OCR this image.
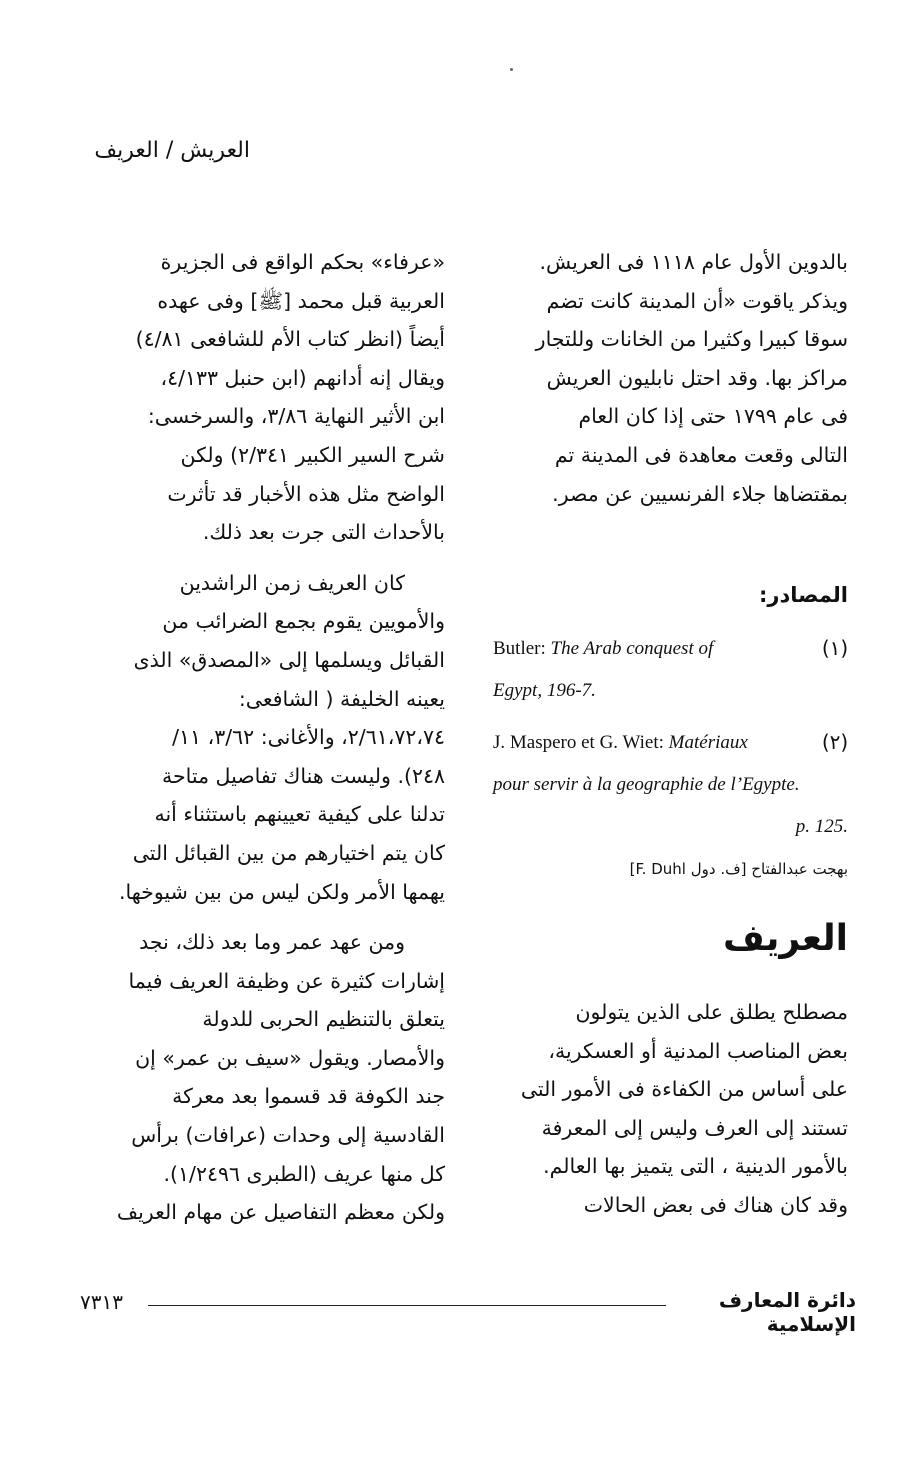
العريش / العريف

بالدوين الأول عام ١١١٨ فى العريش.

ويذكر ياقوت «أن المدينة كانت تضم

سوقا كبيرا وكثيرا من الخانات وللتجار

مراكز بها. وقد احتل نابليون العريش

فى عام ١٧٩٩ حتى إذا كان العام

التالى وقعت معاهدة فى المدينة تم

بمقتضاها جلاء الفرنسيين عن مصر.

المصادر:
(١)
Butler: The Arab conquest of
Egypt, 196-7.
(٢)
J. Maspero et G. Wiet: Matériaux
pour servir à la geographie de l’Egypte.
p. 125.
بهجت عبدالفتاح [ف. دول F. Duhl]
العريف

مصطلح يطلق على الذين يتولون

بعض المناصب المدنية أو العسكرية،

على أساس من الكفاءة فى الأمور التى

تستند إلى العرف وليس إلى المعرفة

بالأمور الدينية ، التى يتميز بها العالم.

وقد كان هناك فى بعض الحالات

«عرفاء» بحكم الواقع فى الجزيرة

العربية قبل محمد [ﷺ] وفى عهده

أيضاً (انظر كتاب الأم للشافعى ٤/٨١)

ويقال إنه أدانهم (ابن حنبل ٤/١٣٣،

ابن الأثير النهاية ٣/٨٦، والسرخسى:

شرح السير الكبير ٢/٣٤١) ولكن

الواضح مثل هذه الأخبار قد تأثرت

بالأحداث التى جرت بعد ذلك.

كان العريف زمن الراشدين

والأمويين يقوم بجمع الضرائب من

القبائل ويسلمها إلى «المصدق» الذى

يعينه الخليفة ( الشافعى:

٢/٦١،٧٢،٧٤، والأغانى: ٣/٦٢، ١١/

٢٤٨). وليست هناك تفاصيل متاحة

تدلنا على كيفية تعيينهم باستثناء أنه

كان يتم اختيارهم من بين القبائل التى

يهمها الأمر ولكن ليس من بين شيوخها.

ومن عهد عمر وما بعد ذلك، نجد

إشارات كثيرة عن وظيفة العريف فيما

يتعلق بالتنظيم الحربى للدولة

والأمصار. ويقول «سيف بن عمر» إن

جند الكوفة قد قسموا بعد معركة

القادسية إلى وحدات (عرافات) برأس

كل منها عريف (الطبرى ١/٢٤٩٦).

ولكن معظم التفاصيل عن مهام العريف

٧٣١٣	دائرة المعارف الإسلامية
